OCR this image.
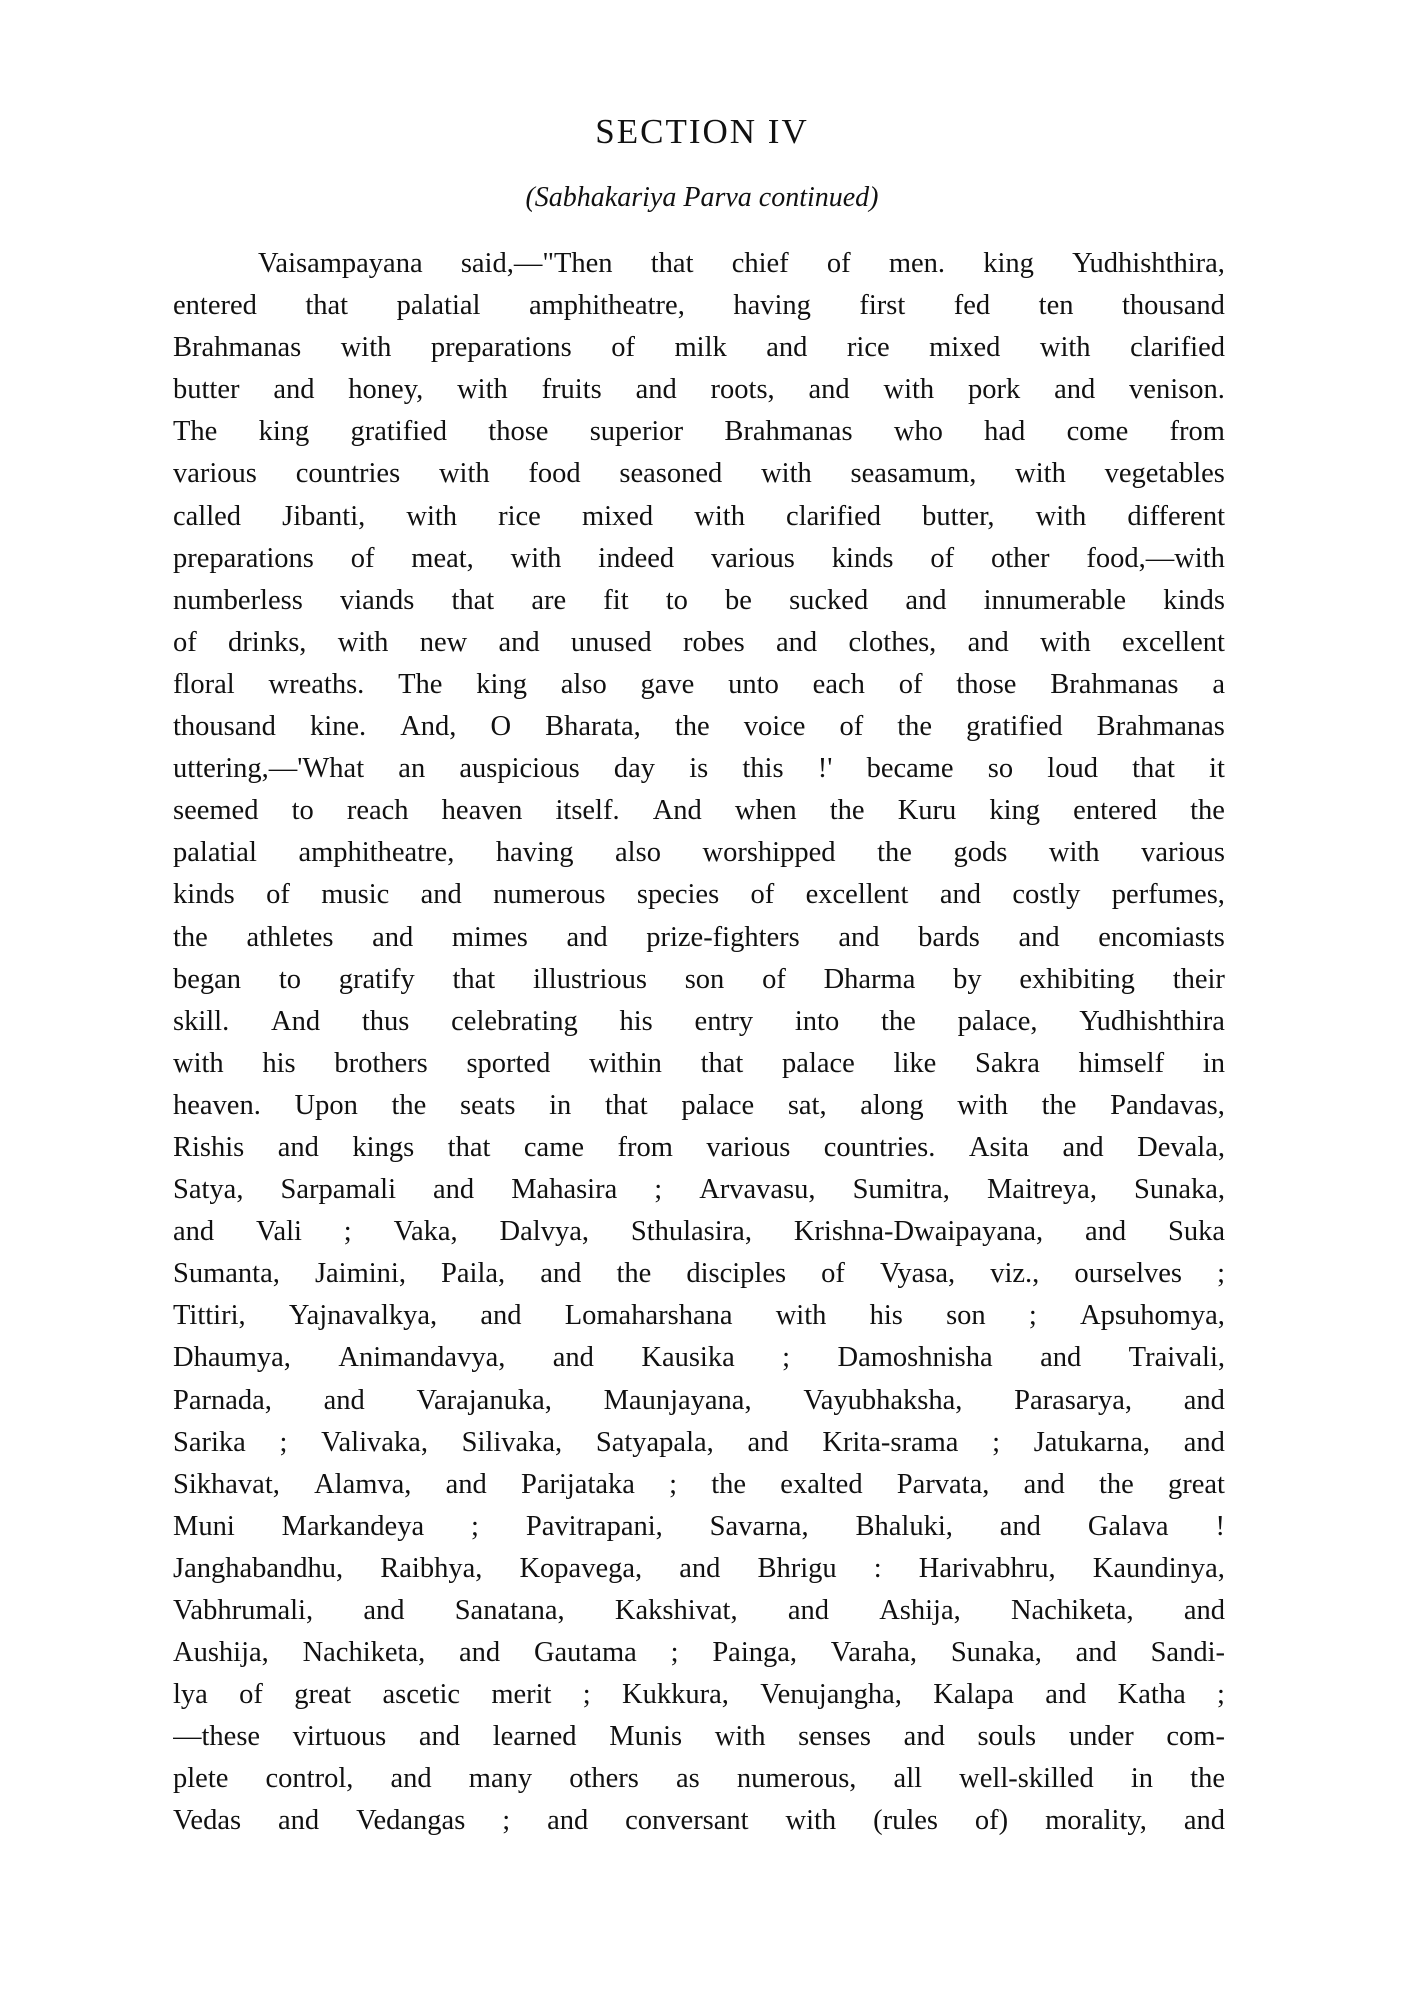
SECTION IV

(Sabhakariya Parva continued)

Vaisampayana said,—"Then that chief of men. king Yudhishthira,
entered that palatial amphitheatre, having first fed ten thousand
Brahmanas with preparations of milk and rice mixed with clarified
butter and honey, with fruits and roots, and with pork and venison.
The king gratified those superior Brahmanas who had come from
various countries with food seasoned with seasamum, with vegetables
called Jibanti, with rice mixed with clarified butter, with different
preparations of meat, with indeed various kinds of other food,—with
numberless viands that are fit to be sucked and innumerable kinds
of drinks, with new and unused robes and clothes, and with excellent
floral wreaths. The king also gave unto each of those Brahmanas a
thousand kine. And, O Bharata, the voice of the gratified Brahmanas
uttering,—'What an auspicious day is this !' became so loud that it
seemed to reach heaven itself. And when the Kuru king entered the
palatial amphitheatre, having also worshipped the gods with various
kinds of music and numerous species of excellent and costly perfumes,
the athletes and mimes and prize-fighters and bards and encomiasts
began to gratify that illustrious son of Dharma by exhibiting their
skill. And thus celebrating his entry into the palace, Yudhishthira
with his brothers sported within that palace like Sakra himself in
heaven. Upon the seats in that palace sat, along with the Pandavas,
Rishis and kings that came from various countries. Asita and Devala,
Satya, Sarpamali and Mahasira ; Arvavasu, Sumitra, Maitreya, Sunaka,
and Vali ; Vaka, Dalvya, Sthulasira, Krishna-Dwaipayana, and Suka
Sumanta, Jaimini, Paila, and the disciples of Vyasa, viz., ourselves ;
Tittiri, Yajnavalkya, and Lomaharshana with his son ; Apsuhomya,
Dhaumya, Animandavya, and Kausika ; Damoshnisha and Traivali,
Parnada, and Varajanuka, Maunjayana, Vayubhaksha, Parasarya, and
Sarika ; Valivaka, Silivaka, Satyapala, and Krita-srama ; Jatukarna, and
Sikhavat, Alamva, and Parijataka ; the exalted Parvata, and the great
Muni Markandeya ; Pavitrapani, Savarna, Bhaluki, and Galava !
Janghabandhu, Raibhya, Kopavega, and Bhrigu : Harivabhru, Kaundinya,
Vabhrumali, and Sanatana, Kakshivat, and Ashija, Nachiketa, and
Aushija, Nachiketa, and Gautama ; Painga, Varaha, Sunaka, and Sandi-
lya of great ascetic merit ; Kukkura, Venujangha, Kalapa and Katha ;
—these virtuous and learned Munis with senses and souls under com-
plete control, and many others as numerous, all well-skilled in the
Vedas and Vedangas ; and conversant with (rules of) morality, and
